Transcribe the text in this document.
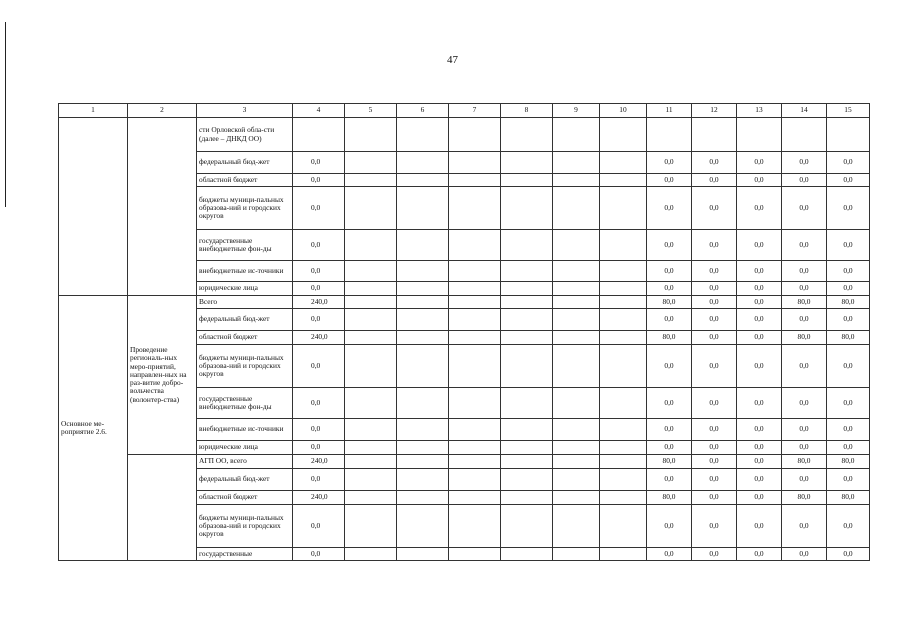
47
1	2	3	4	5	6	7	8	9	10	11	12	13	14	15
		сти Орловской обла-сти (далее – ДНКД ОО)												
		федеральный бюд-жет	0,0							0,0	0,0	0,0	0,0	0,0
		областной бюджет	0,0							0,0	0,0	0,0	0,0	0,0
		бюджеты муници-пальных образова-ний и городских округов	0,0							0,0	0,0	0,0	0,0	0,0
		государственные внебюджетные фон-ды	0,0							0,0	0,0	0,0	0,0	0,0
		внебюджетные ис-точники	0,0							0,0	0,0	0,0	0,0	0,0
		юридические лица	0,0							0,0	0,0	0,0	0,0	0,0
Основное ме-роприятие 2.6.	Проведение региональ-ных меро-приятий, направлен-ных на раз-витие добро-вольчества (волонтер-ства)	Всего	240,0							80,0	0,0	0,0	80,0	80,0
		федеральный бюд-жет	0,0							0,0	0,0	0,0	0,0	0,0
		областной бюджет	240,0							80,0	0,0	0,0	80,0	80,0
		бюджеты муници-пальных образова-ний и городских округов	0,0							0,0	0,0	0,0	0,0	0,0
		государственные внебюджетные фон-ды	0,0							0,0	0,0	0,0	0,0	0,0
		внебюджетные ис-точники	0,0							0,0	0,0	0,0	0,0	0,0
		юридические лица	0,0							0,0	0,0	0,0	0,0	0,0
		АГП ОО, всего	240,0							80,0	0,0	0,0	80,0	80,0
		федеральный бюд-жет	0,0							0,0	0,0	0,0	0,0	0,0
		областной бюджет	240,0							80,0	0,0	0,0	80,0	80,0
		бюджеты муници-пальных образова-ний и городских округов	0,0							0,0	0,0	0,0	0,0	0,0
		государственные	0,0							0,0	0,0	0,0	0,0	0,0
